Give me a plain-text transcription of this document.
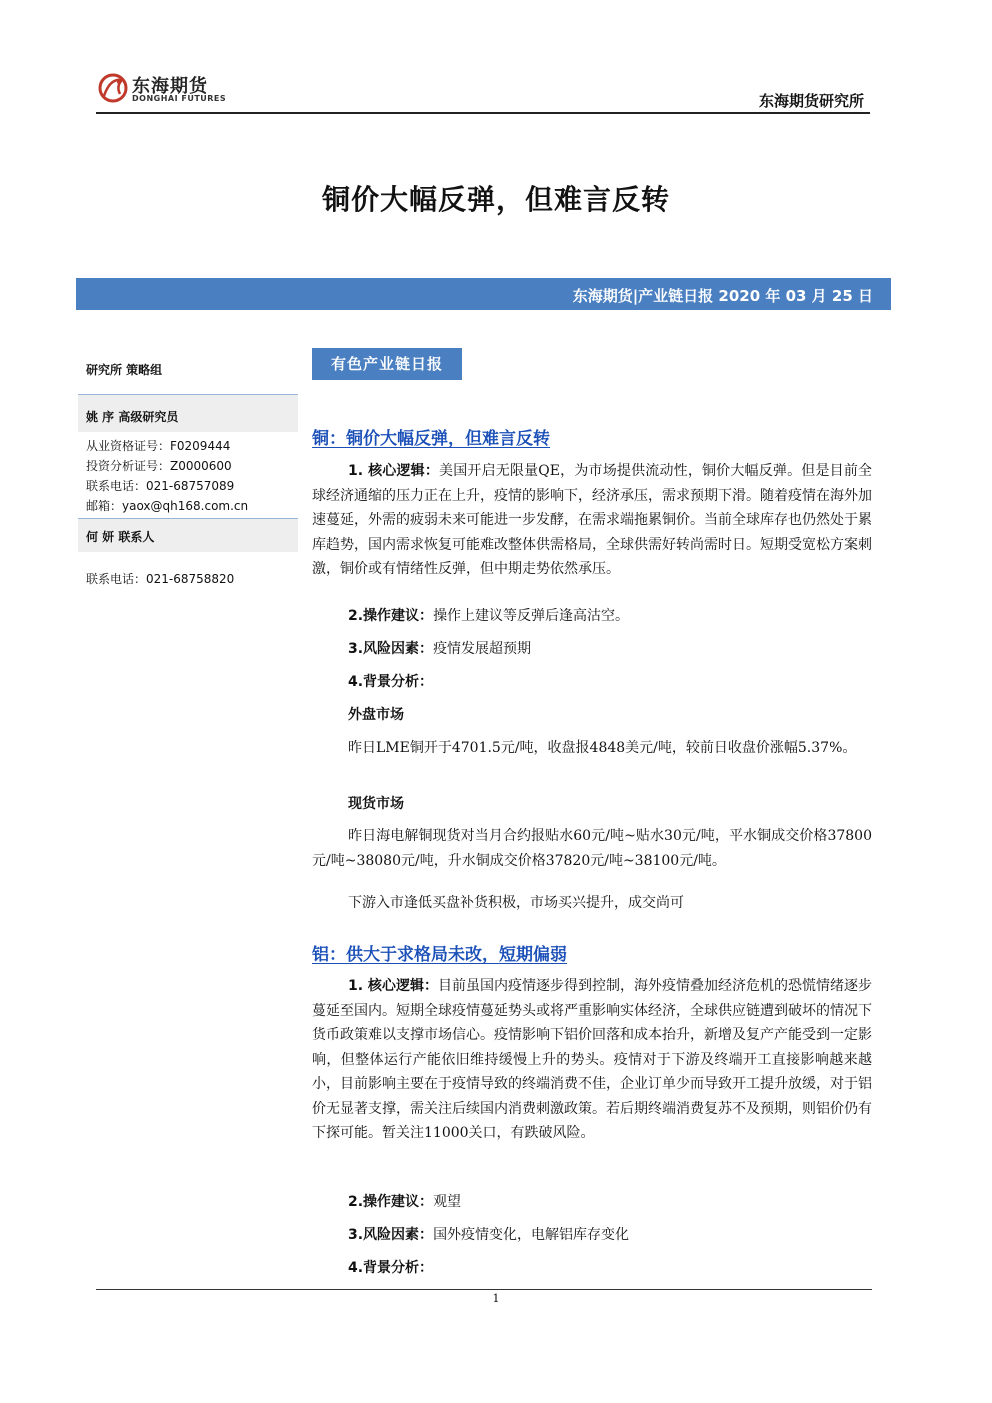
东海期货
DONGHAI FUTURES	东海期货研究所
铜价大幅反弹，但难言反转
东海期货|产业链日报 2020 年 03 月 25 日
研究所 策略组
姚 序 高级研究员
从业资格证号：F0209444
投资分析证号：Z0000600
联系电话：021-68757089
邮箱：yaox@qh168.com.cn
何 妍 联系人
联系电话：021-68758820
有色产业链日报
铜：铜价大幅反弹，但难言反转
1. 核心逻辑：美国开启无限量QE，为市场提供流动性，铜价大幅反弹。但是目前全球经济通缩的压力正在上升，疫情的影响下，经济承压，需求预期下滑。随着疫情在海外加速蔓延，外需的疲弱未来可能进一步发酵，在需求端拖累铜价。当前全球库存也仍然处于累库趋势，国内需求恢复可能难改整体供需格局，全球供需好转尚需时日。短期受宽松方案刺激，铜价或有情绪性反弹，但中期走势依然承压。
2.操作建议：操作上建议等反弹后逢高沽空。
3.风险因素：疫情发展超预期
4.背景分析：
外盘市场
昨日LME铜开于4701.5元/吨，收盘报4848美元/吨，较前日收盘价涨幅5.37%。
现货市场
昨日海电解铜现货对当月合约报贴水60元/吨~贴水30元/吨，平水铜成交价格37800元/吨~38080元/吨，升水铜成交价格37820元/吨~38100元/吨。
下游入市逢低买盘补货积极，市场买兴提升，成交尚可
铝：供大于求格局未改，短期偏弱
1. 核心逻辑：目前虽国内疫情逐步得到控制，海外疫情叠加经济危机的恐慌情绪逐步蔓延至国内。短期全球疫情蔓延势头或将严重影响实体经济，全球供应链遭到破坏的情况下货币政策难以支撑市场信心。疫情影响下铝价回落和成本抬升，新增及复产产能受到一定影响，但整体运行产能依旧维持缓慢上升的势头。疫情对于下游及终端开工直接影响越来越小，目前影响主要在于疫情导致的终端消费不佳，企业订单少而导致开工提升放缓，对于铝价无显著支撑，需关注后续国内消费刺激政策。若后期终端消费复苏不及预期，则铝价仍有下探可能。暂关注11000关口，有跌破风险。
2.操作建议：观望
3.风险因素：国外疫情变化，电解铝库存变化
4.背景分析：
1
